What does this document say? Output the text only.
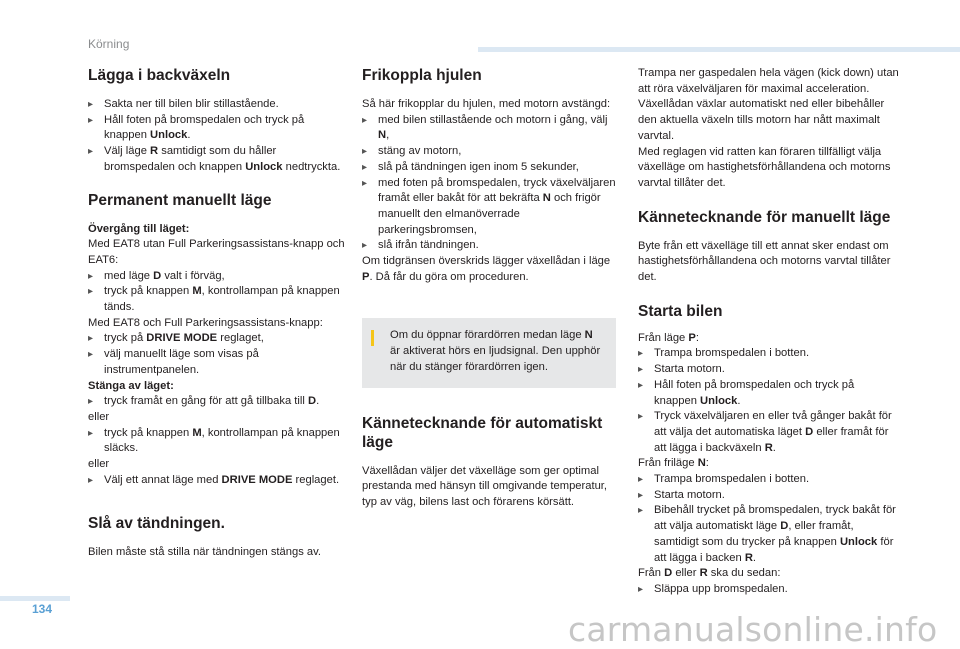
Körning
Lägga i backväxeln
▸ Sakta ner till bilen blir stillastående.
▸ Håll foten på bromspedalen och tryck på knappen Unlock.
▸ Välj läge R samtidigt som du håller bromspedalen och knappen Unlock nedtryckta.
Permanent manuellt läge

Övergång till läget:

Med EAT8 utan Full Parkeringsassistans-knapp och EAT6:

▸ med läge D valt i förväg,
▸ tryck på knappen M, kontrollampan på knappen tänds.

Med EAT8 och Full Parkeringsassistans-knapp:

▸ tryck på DRIVE MODE reglaget,
▸ välj manuellt läge som visas på instrumentpanelen.

Stänga av läget:

▸ tryck framåt en gång för att gå tillbaka till D.

eller

▸ tryck på knappen M, kontrollampan på knappen släcks.

eller

▸ Välj ett annat läge med DRIVE MODE reglaget.
Slå av tändningen.

Bilen måste stå stilla när tändningen stängs av.

Frikoppla hjulen

Så här frikopplar du hjulen, med motorn avstängd:

▸ med bilen stillastående och motorn i gång, välj N,
▸ stäng av motorn,
▸ slå på tändningen igen inom 5 sekunder,
▸ med foten på bromspedalen, tryck växelväljaren framåt eller bakåt för att bekräfta N och frigör manuellt den elmanöverrade parkeringsbromsen,
▸ slå ifrån tändningen.

Om tidgränsen överskrids lägger växellådan i läge P. Då får du göra om proceduren.

Om du öppnar förardörren medan läge N är aktiverat hörs en ljudsignal. Den upphör när du stänger förardörren igen.

Kännetecknande för automatiskt läge

Växellådan väljer det växelläge som ger optimal prestanda med hänsyn till omgivande temperatur, typ av väg, bilens last och förarens körsätt.

Trampa ner gaspedalen hela vägen (kick down) utan att röra växelväljaren för maximal acceleration. Växellådan växlar automatiskt ned eller bibehåller den aktuella växeln tills motorn har nått maximalt varvtal.

Med reglagen vid ratten kan föraren tillfälligt välja växelläge om hastighetsförhållandena och motorns varvtal tillåter det.

Kännetecknande för manuellt läge

Byte från ett växelläge till ett annat sker endast om hastighetsförhållandena och motorns varvtal tillåter det.

Starta bilen

Från läge P:

▸ Trampa bromspedalen i botten.
▸ Starta motorn.
▸ Håll foten på bromspedalen och tryck på knappen Unlock.
▸ Tryck växelväljaren en eller två gånger bakåt för att välja det automatiska läget D eller framåt för att lägga i backväxeln R.

Från friläge N:

▸ Trampa bromspedalen i botten.
▸ Starta motorn.
▸ Bibehåll trycket på bromspedalen, tryck bakåt för att välja automatiskt läge D, eller framåt, samtidigt som du trycker på knappen Unlock för att lägga i backen R.

Från D eller R ska du sedan:

▸ Släppa upp bromspedalen.
134
carmanualsonline.info
